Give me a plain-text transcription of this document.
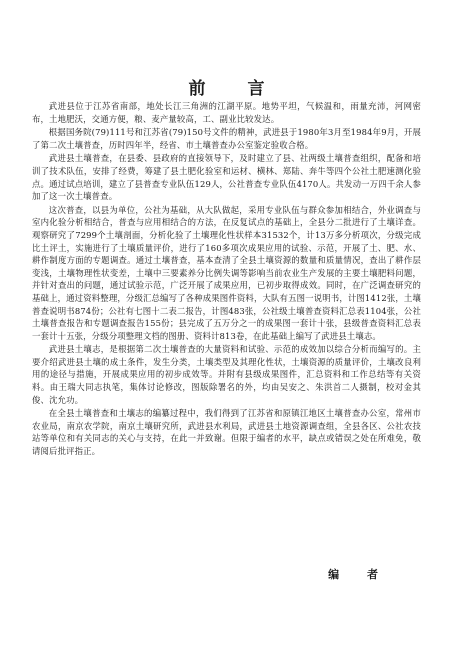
前 言

武进县位于江苏省南部，地处长江三角洲的江湖平原。地势平坦，气候温和，雨量充沛，河网密布，土地肥沃，交通方便，粮、麦产量较高，工、副业比较发达。

根据国务院(79)111号和江苏省(79)150号文件的精神，武进县于1980年3月至1984年9月，开展了第二次土壤普查，历时四年半，经省、市土壤普查办公室鉴定验收合格。

武进县土壤普查，在县委、县政府的直接领导下，及时建立了县、社两级土壤普查组织，配备和培训了技术队伍，安排了经费，筹建了县土肥化验室和运材、横林、郑陆、奔牛等四个公社土肥速测化验点。通过试点培训，建立了县普查专业队伍129人，公社普查专业队伍4170人。共发动一万四千余人参加了这一次土壤普查。

这次普查，以县为单位，公社为基础，从大队做起，采用专业队伍与群众参加相结合，外业调查与室内化验分析相结合，普查与应用相结合的方法，在反复试点的基础上，全县分二批进行了土壤详查。观察研究了7299个土壤剖面，分析化验了土壤理化性状样本31532个，计13万多分析项次，分级完成比土评土，实施进行了土壤质量评价，进行了160多项次成果应用的试验、示范，开展了土、肥、水、耕作制度方面的专题调查。通过土壤普查，基本查清了全县土壤资源的数量和质量情况，查出了耕作层变浅，土壤物理性状变差，土壤中三要素养分比例失调等影响当前农业生产发展的主要土壤肥料问题，并针对查出的问题，通过试验示范，广泛开展了成果应用，已初步取得成效。同时，在广泛调查研究的基础上，通过资料整理，分级汇总编写了各种成果图件资料，大队有五图一说明书，计图1412张，土壤普查说明书874份；公社有七图十二表二报告，计图483张，公社级土壤普查资料汇总表1104张，公社土壤普查报告和专题调查报告155份；县完成了五万分之一的成果图一套计十张，县级普查资料汇总表一套计十五张，分级分项整理文档的图册、资料计813卷，在此基础上编写了武进县土壤志。

武进县土壤志，是根据第二次土壤普查的大量资料和试验、示范的成效加以综合分析而编写的。主要介绍武进县土壤的成土条件，发生分类，土壤类型及其理化性状，土壤资源的质量评价，土壤改良利用的途径与措施，开展成果应用的初步成效等。并附有县级成果图件，汇总资料和工作总结等有关资料。由王瑞大同志执笔，集体讨论修改，图版除署名的外，均由吴安之、朱洪首二人摄制，校对金其俊、沈允功。

在全县土壤普查和土壤志的编纂过程中，我们得到了江苏省和原镇江地区土壤普查办公室，常州市农业局，南京农学院，南京土壤研究所，武进县水利局，武进县土地资源调查组，全县各区、公社农技站等单位和有关同志的关心与支持，在此一并致谢。但限于编者的水平，缺点或错误之处在所难免，敬请阅后批评指正。

编 者
